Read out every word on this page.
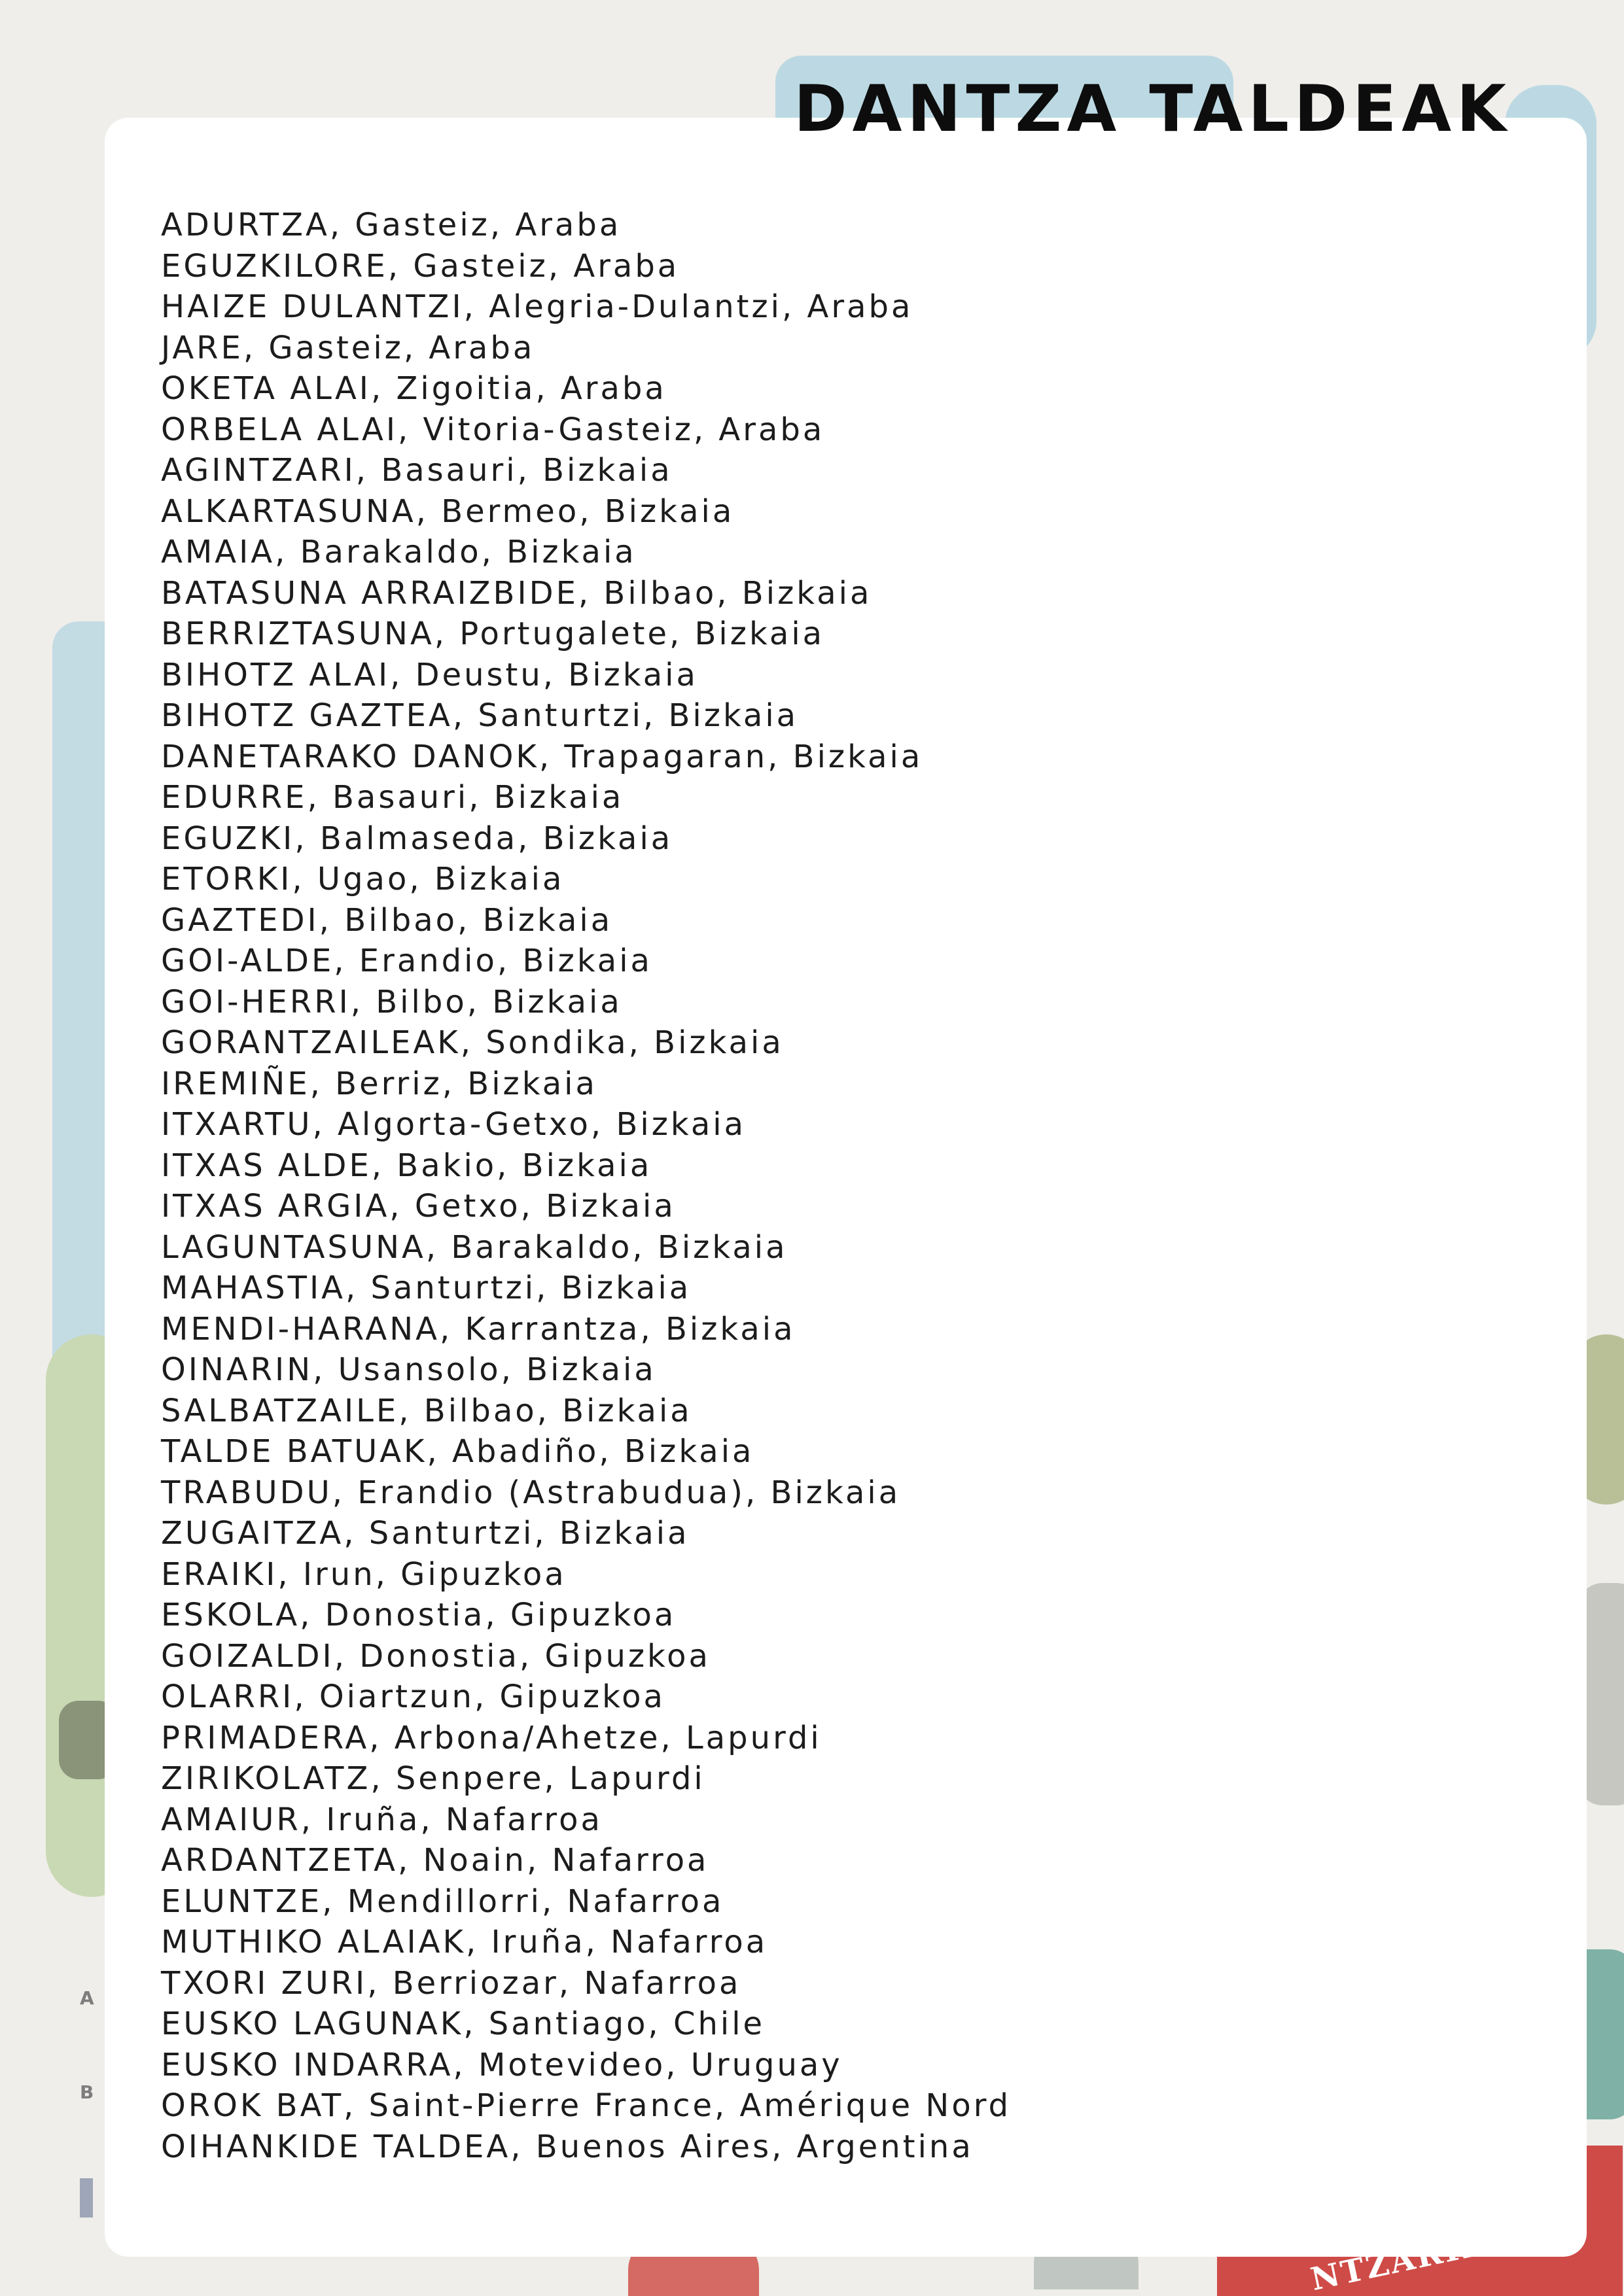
A
B
DANTZA TALDEAK
ADURTZA, Gasteiz, Araba
EGUZKILORE, Gasteiz, Araba
HAIZE DULANTZI, Alegria-Dulantzi, Araba
JARE, Gasteiz, Araba
OKETA ALAI, Zigoitia, Araba
ORBELA ALAI, Vitoria-Gasteiz, Araba
AGINTZARI, Basauri, Bizkaia
ALKARTASUNA, Bermeo, Bizkaia
AMAIA, Barakaldo, Bizkaia
BATASUNA ARRAIZBIDE, Bilbao, Bizkaia
BERRIZTASUNA, Portugalete, Bizkaia
BIHOTZ ALAI, Deustu, Bizkaia
BIHOTZ GAZTEA, Santurtzi, Bizkaia
DANETARAKO DANOK, Trapagaran, Bizkaia
EDURRE, Basauri, Bizkaia
EGUZKI, Balmaseda, Bizkaia
ETORKI, Ugao, Bizkaia
GAZTEDI, Bilbao, Bizkaia
GOI-ALDE, Erandio, Bizkaia
GOI-HERRI, Bilbo, Bizkaia
GORANTZAILEAK, Sondika, Bizkaia
IREMIÑE, Berriz, Bizkaia
ITXARTU, Algorta-Getxo, Bizkaia
ITXAS ALDE, Bakio, Bizkaia
ITXAS ARGIA, Getxo, Bizkaia
LAGUNTASUNA, Barakaldo, Bizkaia
MAHASTIA, Santurtzi, Bizkaia
MENDI-HARANA, Karrantza, Bizkaia
OINARIN, Usansolo, Bizkaia
SALBATZAILE, Bilbao, Bizkaia
TALDE BATUAK, Abadiño, Bizkaia
TRABUDU, Erandio (Astrabudua), Bizkaia
ZUGAITZA, Santurtzi, Bizkaia
ERAIKI, Irun, Gipuzkoa
ESKOLA, Donostia, Gipuzkoa
GOIZALDI, Donostia, Gipuzkoa
OLARRI, Oiartzun, Gipuzkoa
PRIMADERA, Arbona/Ahetze, Lapurdi
ZIRIKOLATZ, Senpere, Lapurdi
AMAIUR, Iruña, Nafarroa
ARDANTZETA, Noain, Nafarroa
ELUNTZE, Mendillorri, Nafarroa
MUTHIKO ALAIAK, Iruña, Nafarroa
TXORI ZURI, Berriozar, Nafarroa
EUSKO LAGUNAK, Santiago, Chile
EUSKO INDARRA, Motevideo, Uruguay
OROK BAT, Saint-Pierre France, Amérique Nord
OIHANKIDE TALDEA, Buenos Aires, Argentina
